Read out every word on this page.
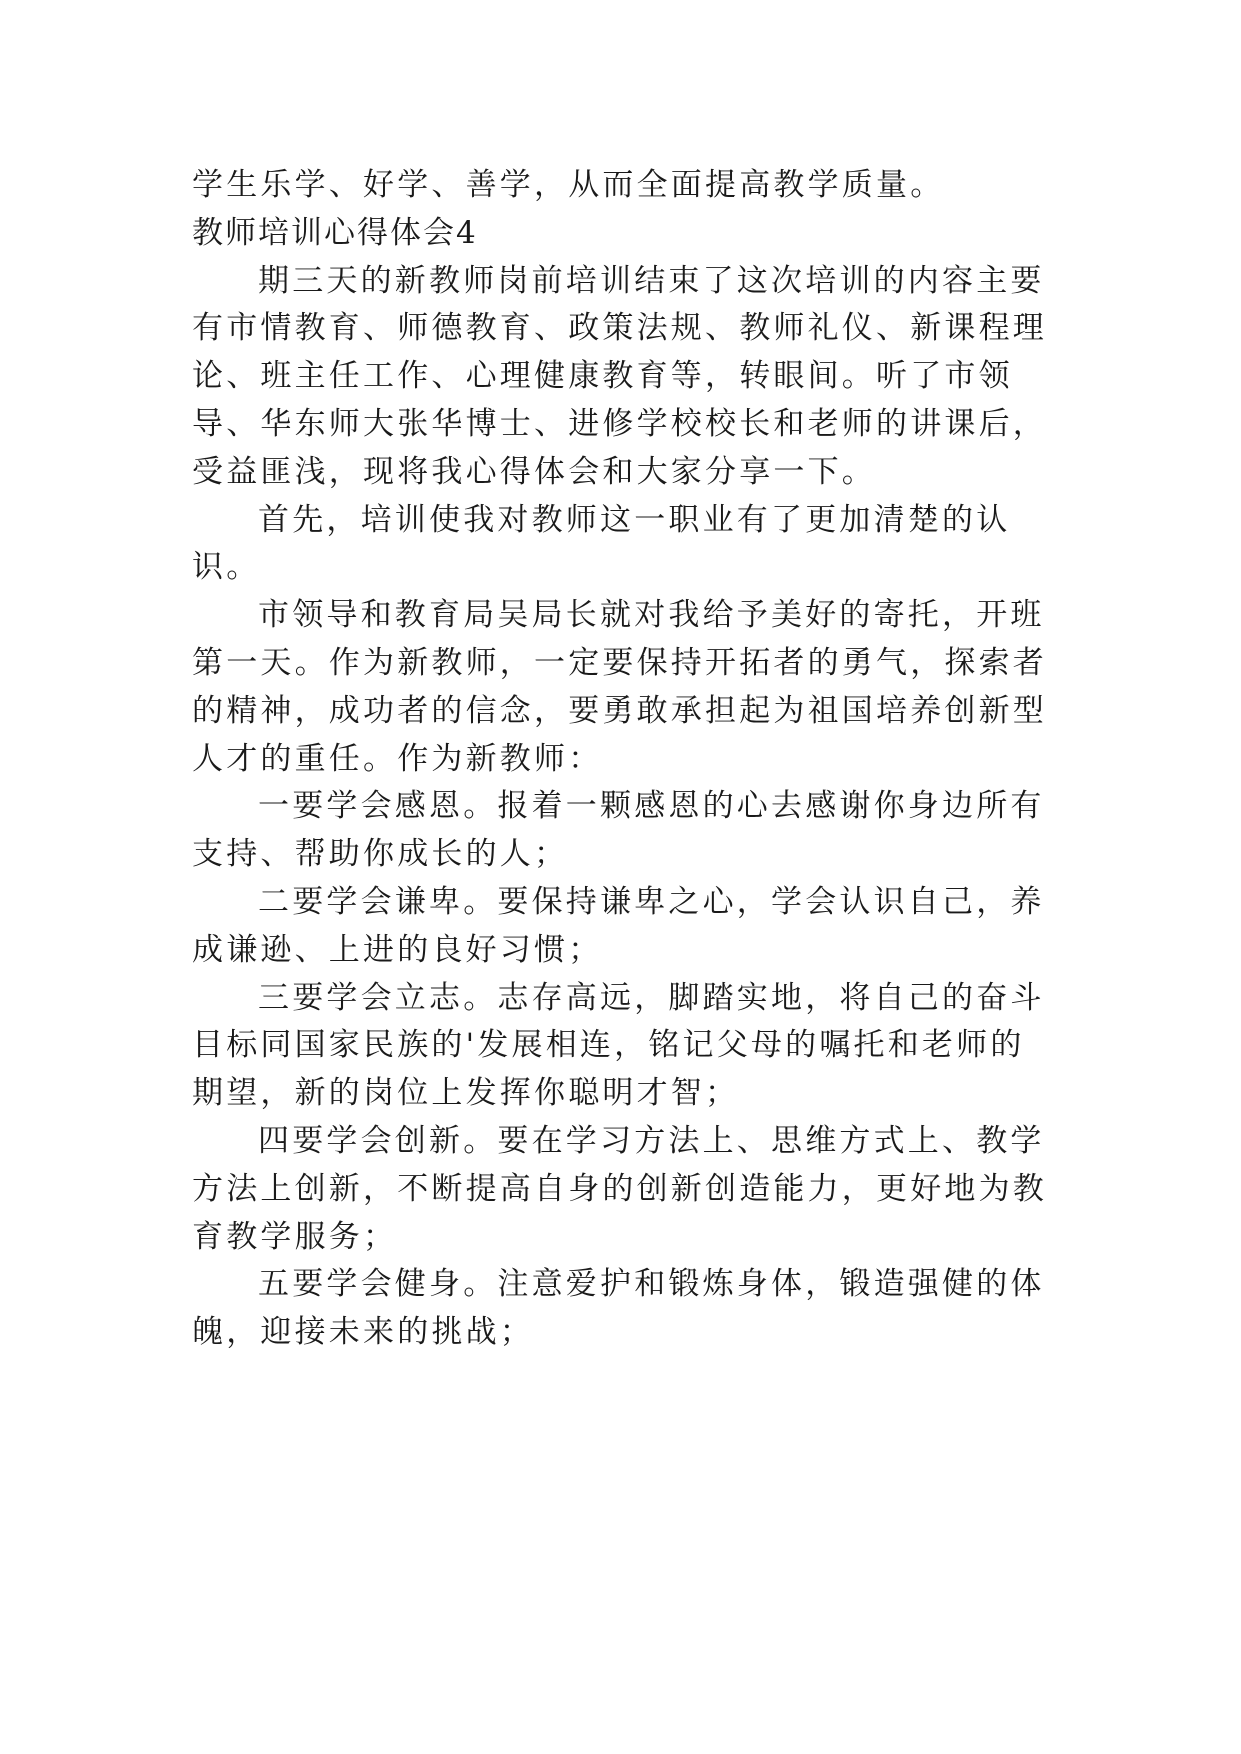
学生乐学、好学、善学，从而全面提高教学质量。

教师培训心得体会4

期三天的新教师岗前培训结束了这次培训的内容主要有市情教育、师德教育、政策法规、教师礼仪、新课程理论、班主任工作、心理健康教育等，转眼间。听了市领导、华东师大张华博士、进修学校校长和老师的讲课后，受益匪浅，现将我心得体会和大家分享一下。

首先，培训使我对教师这一职业有了更加清楚的认识。

市领导和教育局吴局长就对我给予美好的寄托，开班第一天。作为新教师，一定要保持开拓者的勇气，探索者的精神，成功者的信念，要勇敢承担起为祖国培养创新型人才的重任。作为新教师：

一要学会感恩。报着一颗感恩的心去感谢你身边所有支持、帮助你成长的人；

二要学会谦卑。要保持谦卑之心，学会认识自己，养成谦逊、上进的良好习惯；

三要学会立志。志存高远，脚踏实地，将自己的奋斗目标同国家民族的'发展相连，铭记父母的嘱托和老师的期望，新的岗位上发挥你聪明才智；

四要学会创新。要在学习方法上、思维方式上、教学方法上创新，不断提高自身的创新创造能力，更好地为教育教学服务；

五要学会健身。注意爱护和锻炼身体，锻造强健的体魄，迎接未来的挑战；
